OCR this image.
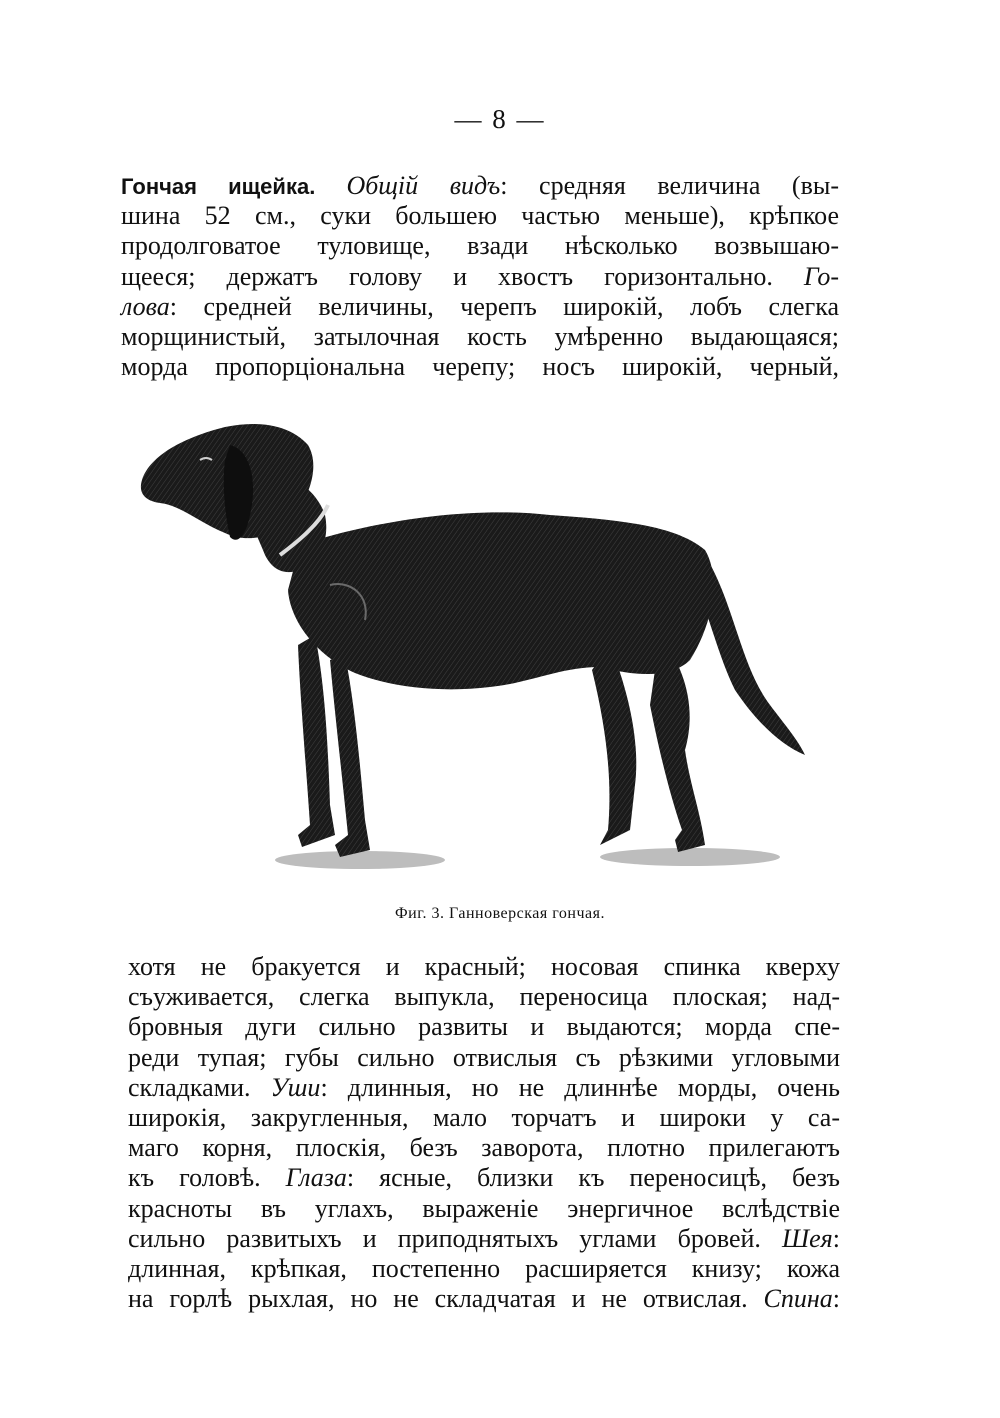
— 8 —
Гончая ищейка. Общій видъ: средняя величина (вы-
шина 52 см., суки большею частью меньше), крѣпкое
продолговатое туловище, взади нѣсколько возвышаю-
щееся; держатъ голову и хвостъ горизонтально. Го-
лова: средней величины, черепъ широкій, лобъ слегка
морщинистый, затылочная кость умѣренно выдающаяся;
морда пропорціональна черепу; носъ широкій, черный,
Фиг. 3. Ганноверская гончая.
хотя не бракуется и красный; носовая спинка кверху
съуживается, слегка выпукла, переносица плоская; над-
бровныя дуги сильно развиты и выдаются; морда спе-
реди тупая; губы сильно отвислыя съ рѣзкими угловыми
складками. Уши: длинныя, но не длиннѣе морды, очень
широкія, закругленныя, мало торчатъ и широки у са-
маго корня, плоскія, безъ заворота, плотно прилегаютъ
къ головѣ. Глаза: ясные, близки къ переносицѣ, безъ
красноты въ углахъ, выраженіе энергичное вслѣдствіе
сильно развитыхъ и приподнятыхъ углами бровей. Шея:
длинная, крѣпкая, постепенно расширяется книзу; кожа
на горлѣ рыхлая, но не складчатая и не отвислая. Спина:
